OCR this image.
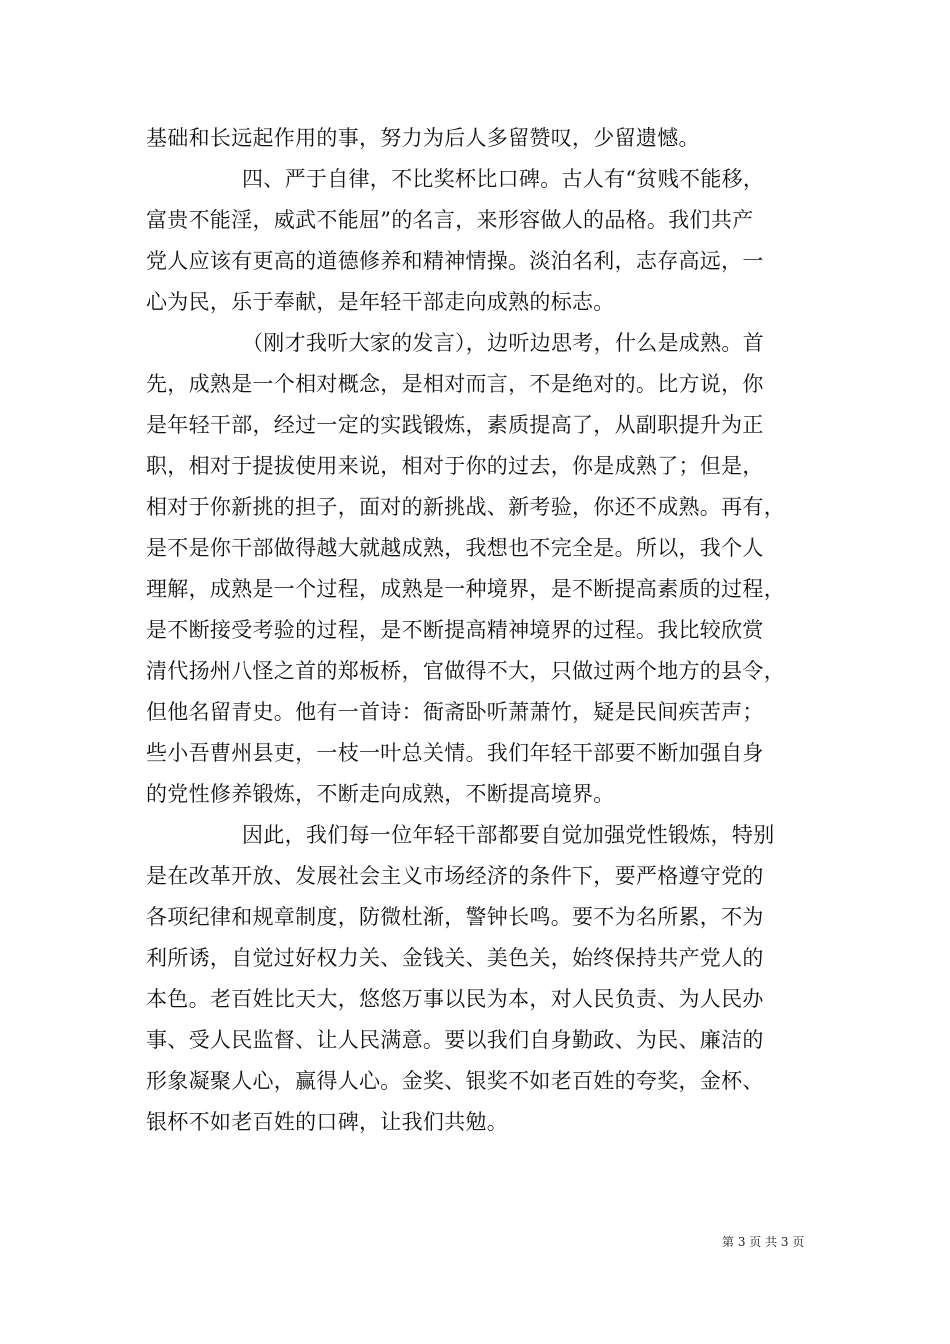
基础和长远起作用的事，努力为后人多留赞叹，少留遗憾。
四、严于自律，不比奖杯比口碑。古人有“贫贱不能移，
富贵不能淫，威武不能屈”的名言，来形容做人的品格。我们共产
党人应该有更高的道德修养和精神情操。淡泊名利，志存高远，一
心为民，乐于奉献，是年轻干部走向成熟的标志。
（刚才我听大家的发言），边听边思考，什么是成熟。首
先，成熟是一个相对概念，是相对而言，不是绝对的。比方说，你
是年轻干部，经过一定的实践锻炼，素质提高了，从副职提升为正
职，相对于提拔使用来说，相对于你的过去，你是成熟了；但是，
相对于你新挑的担子，面对的新挑战、新考验，你还不成熟。再有，
是不是你干部做得越大就越成熟，我想也不完全是。所以，我个人
理解，成熟是一个过程，成熟是一种境界，是不断提高素质的过程，
是不断接受考验的过程，是不断提高精神境界的过程。我比较欣赏
清代扬州八怪之首的郑板桥，官做得不大，只做过两个地方的县令，
但他名留青史。他有一首诗：衙斋卧听萧萧竹，疑是民间疾苦声；
些小吾曹州县吏，一枝一叶总关情。我们年轻干部要不断加强自身
的党性修养锻炼，不断走向成熟，不断提高境界。
因此，我们每一位年轻干部都要自觉加强党性锻炼，特别
是在改革开放、发展社会主义市场经济的条件下，要严格遵守党的
各项纪律和规章制度，防微杜渐，警钟长鸣。要不为名所累，不为
利所诱，自觉过好权力关、金钱关、美色关，始终保持共产党人的
本色。老百姓比天大，悠悠万事以民为本，对人民负责、为人民办
事、受人民监督、让人民满意。要以我们自身勤政、为民、廉洁的
形象凝聚人心，赢得人心。金奖、银奖不如老百姓的夸奖，金杯、
银杯不如老百姓的口碑，让我们共勉。
第 3 页 共 3 页
